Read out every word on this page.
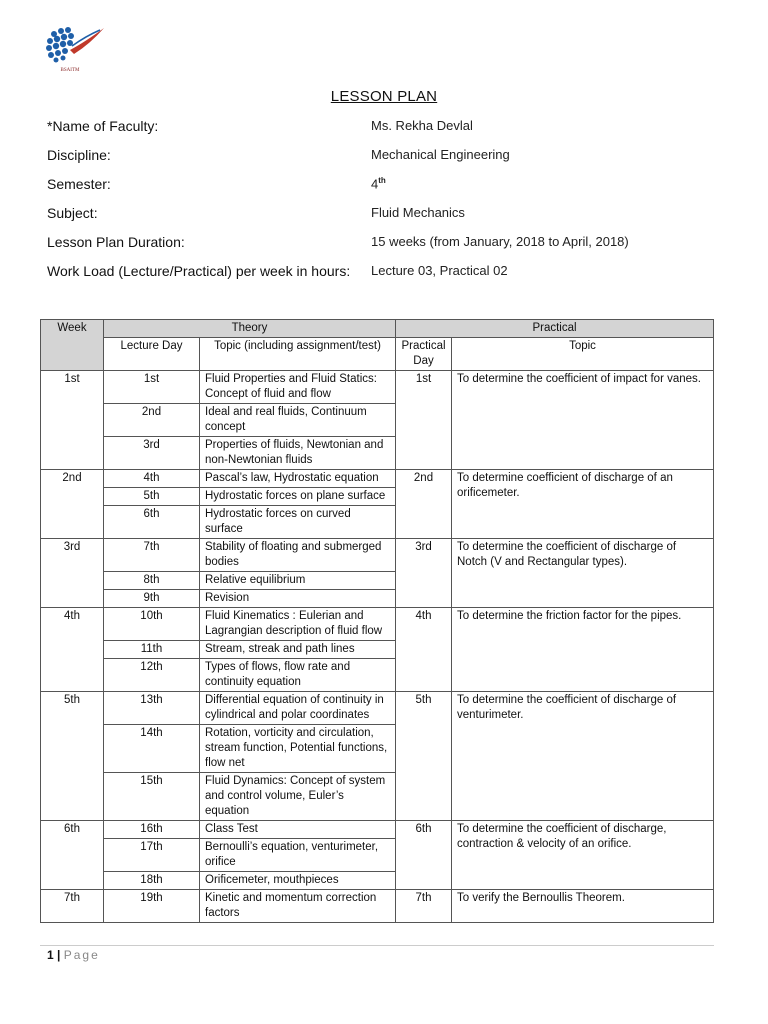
BSAITM
LESSON PLAN
*Name of Faculty:	Ms. Rekha Devlal
Discipline:	Mechanical Engineering
Semester:	4th
Subject:	Fluid Mechanics
Lesson Plan Duration:	15 weeks (from January, 2018 to April, 2018)
Work Load (Lecture/Practical) per week in hours:	Lecture 03, Practical 02
Week	Theory		Practical	
	Lecture Day	Topic (including assignment/test)	Practical Day	Topic
1st	1st	Fluid Properties and Fluid Statics: Concept of fluid and flow	1st	To determine the coefficient of impact for vanes.
	2nd	Ideal and real fluids, Continuum concept		
	3rd	Properties of fluids, Newtonian and non-Newtonian fluids		
2nd	4th	Pascal’s law, Hydrostatic equation	2nd	To determine coefficient of discharge of an orificemeter.
	5th	Hydrostatic forces on plane surface		
	6th	Hydrostatic forces on curved surface		
3rd	7th	Stability of floating and submerged bodies	3rd	To determine the coefficient of discharge of Notch (V and Rectangular types).
	8th	Relative equilibrium		
	9th	Revision		
4th	10th	Fluid Kinematics : Eulerian and Lagrangian description of fluid flow	4th	To determine the friction factor for the pipes.
	11th	Stream, streak and path lines		
	12th	Types of flows, flow rate and continuity equation		
5th	13th	Differential equation of continuity in cylindrical and polar coordinates	5th	To determine the coefficient of discharge of venturimeter.
	14th	Rotation, vorticity and circulation, stream function, Potential functions, flow net		
	15th	Fluid Dynamics: Concept of system and control volume, Euler’s equation		
6th	16th	Class Test	6th	To determine the coefficient of discharge, contraction & velocity of an orifice.
	17th	Bernoulli’s equation, venturimeter, orifice		
	18th	Orificemeter, mouthpieces		
7th	19th	Kinetic and momentum correction factors	7th	To verify the Bernoullis Theorem.
1 | Page
